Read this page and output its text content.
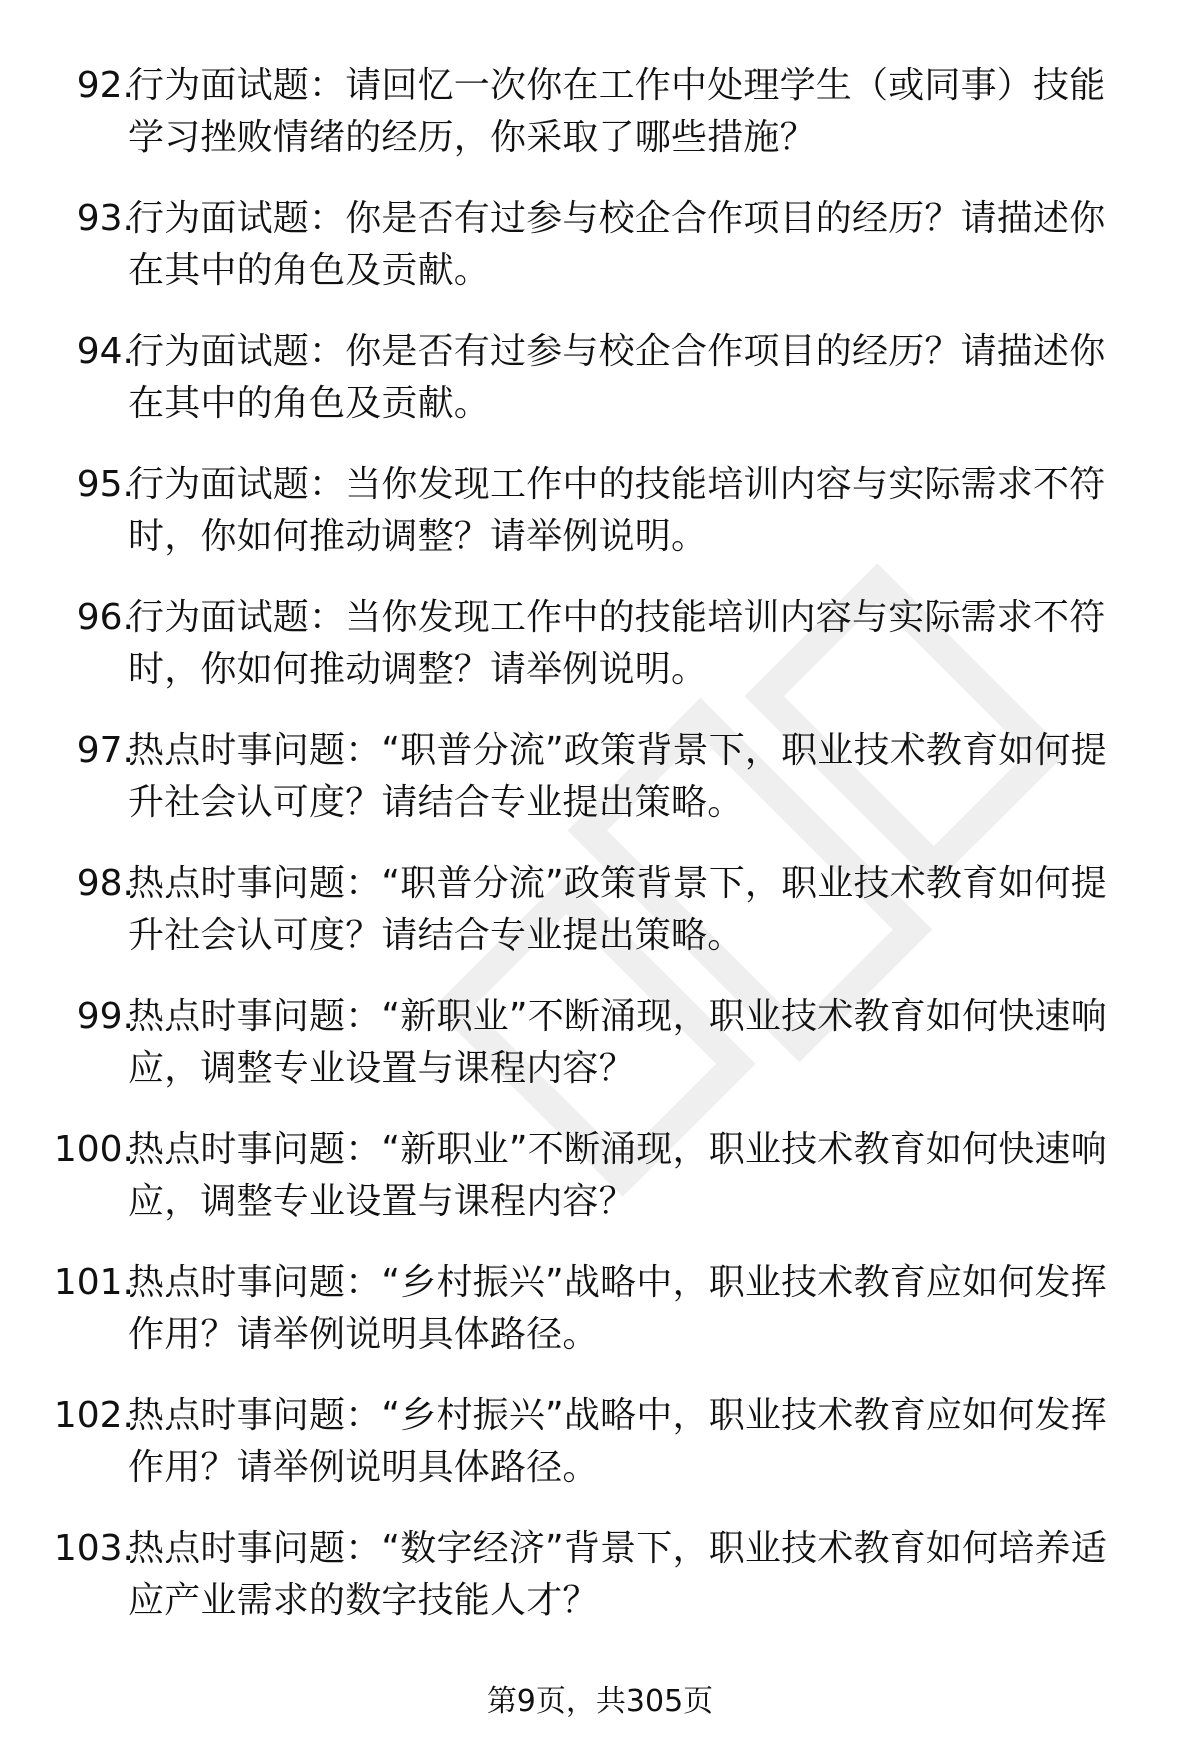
92.
行为面试题：请回忆一次你在工作中处理学生（或同事）技能学习挫败情绪的经历，你采取了哪些措施？
93.
行为面试题：你是否有过参与校企合作项目的经历？请描述你在其中的角色及贡献。
94.
行为面试题：你是否有过参与校企合作项目的经历？请描述你在其中的角色及贡献。
95.
行为面试题：当你发现工作中的技能培训内容与实际需求不符时，你如何推动调整？请举例说明。
96.
行为面试题：当你发现工作中的技能培训内容与实际需求不符时，你如何推动调整？请举例说明。
97.
热点时事问题：“职普分流”政策背景下，职业技术教育如何提升社会认可度？请结合专业提出策略。
98.
热点时事问题：“职普分流”政策背景下，职业技术教育如何提升社会认可度？请结合专业提出策略。
99.
热点时事问题：“新职业”不断涌现，职业技术教育如何快速响应，调整专业设置与课程内容？
100.
热点时事问题：“新职业”不断涌现，职业技术教育如何快速响应，调整专业设置与课程内容？
101.
热点时事问题：“乡村振兴”战略中，职业技术教育应如何发挥作用？请举例说明具体路径。
102.
热点时事问题：“乡村振兴”战略中，职业技术教育应如何发挥作用？请举例说明具体路径。
103.
热点时事问题：“数字经济”背景下，职业技术教育如何培养适应产业需求的数字技能人才？
第9页，共305页
